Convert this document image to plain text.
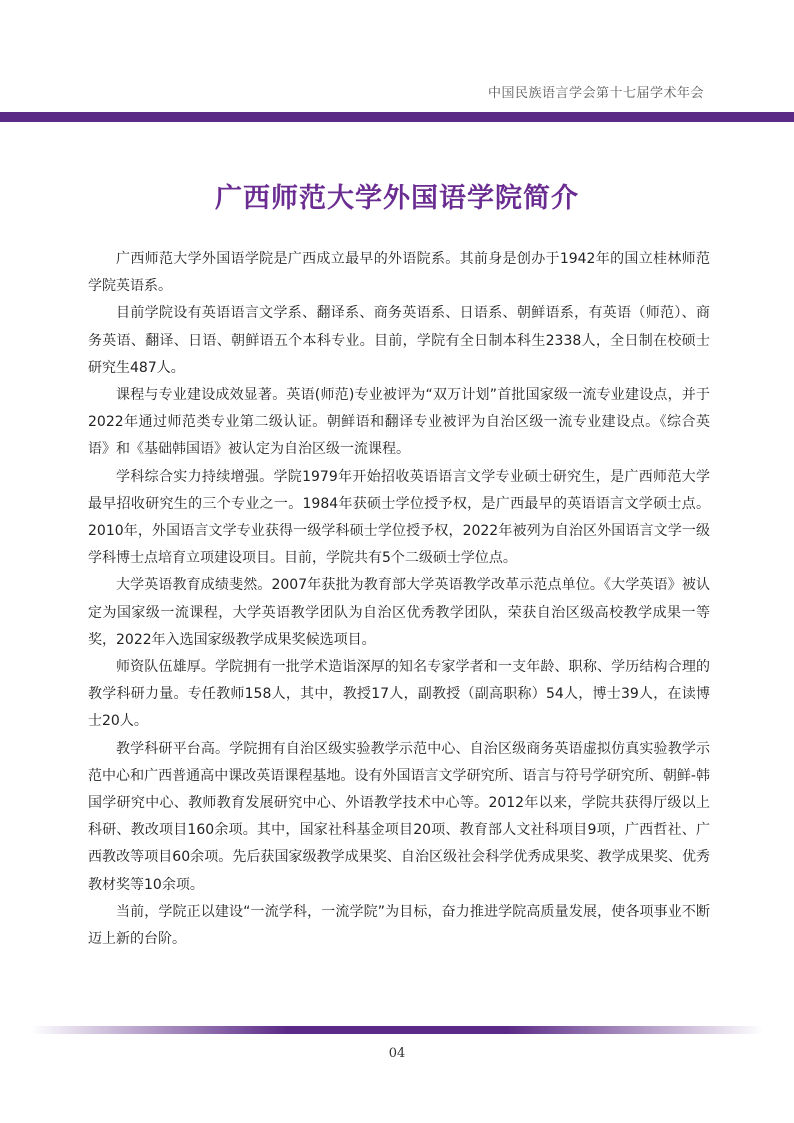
中国民族语言学会第十七届学术年会
广西师范大学外国语学院简介

广西师范大学外国语学院是广西成立最早的外语院系。其前身是创办于1942年的国立桂林师范学院英语系。

目前学院设有英语语言文学系、翻译系、商务英语系、日语系、朝鲜语系，有英语（师范）、商务英语、翻译、日语、朝鲜语五个本科专业。目前，学院有全日制本科生2338人，全日制在校硕士研究生487人。

课程与专业建设成效显著。英语(师范)专业被评为“双万计划”首批国家级一流专业建设点，并于2022年通过师范类专业第二级认证。朝鲜语和翻译专业被评为自治区级一流专业建设点。《综合英语》和《基础韩国语》被认定为自治区级一流课程。

学科综合实力持续增强。学院1979年开始招收英语语言文学专业硕士研究生，是广西师范大学最早招收研究生的三个专业之一。1984年获硕士学位授予权，是广西最早的英语语言文学硕士点。2010年，外国语言文学专业获得一级学科硕士学位授予权，2022年被列为自治区外国语言文学一级学科博士点培育立项建设项目。目前，学院共有5个二级硕士学位点。

大学英语教育成绩斐然。2007年获批为教育部大学英语教学改革示范点单位。《大学英语》被认定为国家级一流课程，大学英语教学团队为自治区优秀教学团队，荣获自治区级高校教学成果一等奖，2022年入选国家级教学成果奖候选项目。

师资队伍雄厚。学院拥有一批学术造诣深厚的知名专家学者和一支年龄、职称、学历结构合理的教学科研力量。专任教师158人，其中，教授17人，副教授（副高职称）54人，博士39人，在读博士20人。

教学科研平台高。学院拥有自治区级实验教学示范中心、自治区级商务英语虚拟仿真实验教学示范中心和广西普通高中课改英语课程基地。设有外国语言文学研究所、语言与符号学研究所、朝鲜-韩国学研究中心、教师教育发展研究中心、外语教学技术中心等。2012年以来，学院共获得厅级以上科研、教改项目160余项。其中，国家社科基金项目20项、教育部人文社科项目9项，广西哲社、广西教改等项目60余项。先后获国家级教学成果奖、自治区级社会科学优秀成果奖、教学成果奖、优秀教材奖等10余项。

当前，学院正以建设“一流学科，一流学院”为目标，奋力推进学院高质量发展，使各项事业不断迈上新的台阶。

04
